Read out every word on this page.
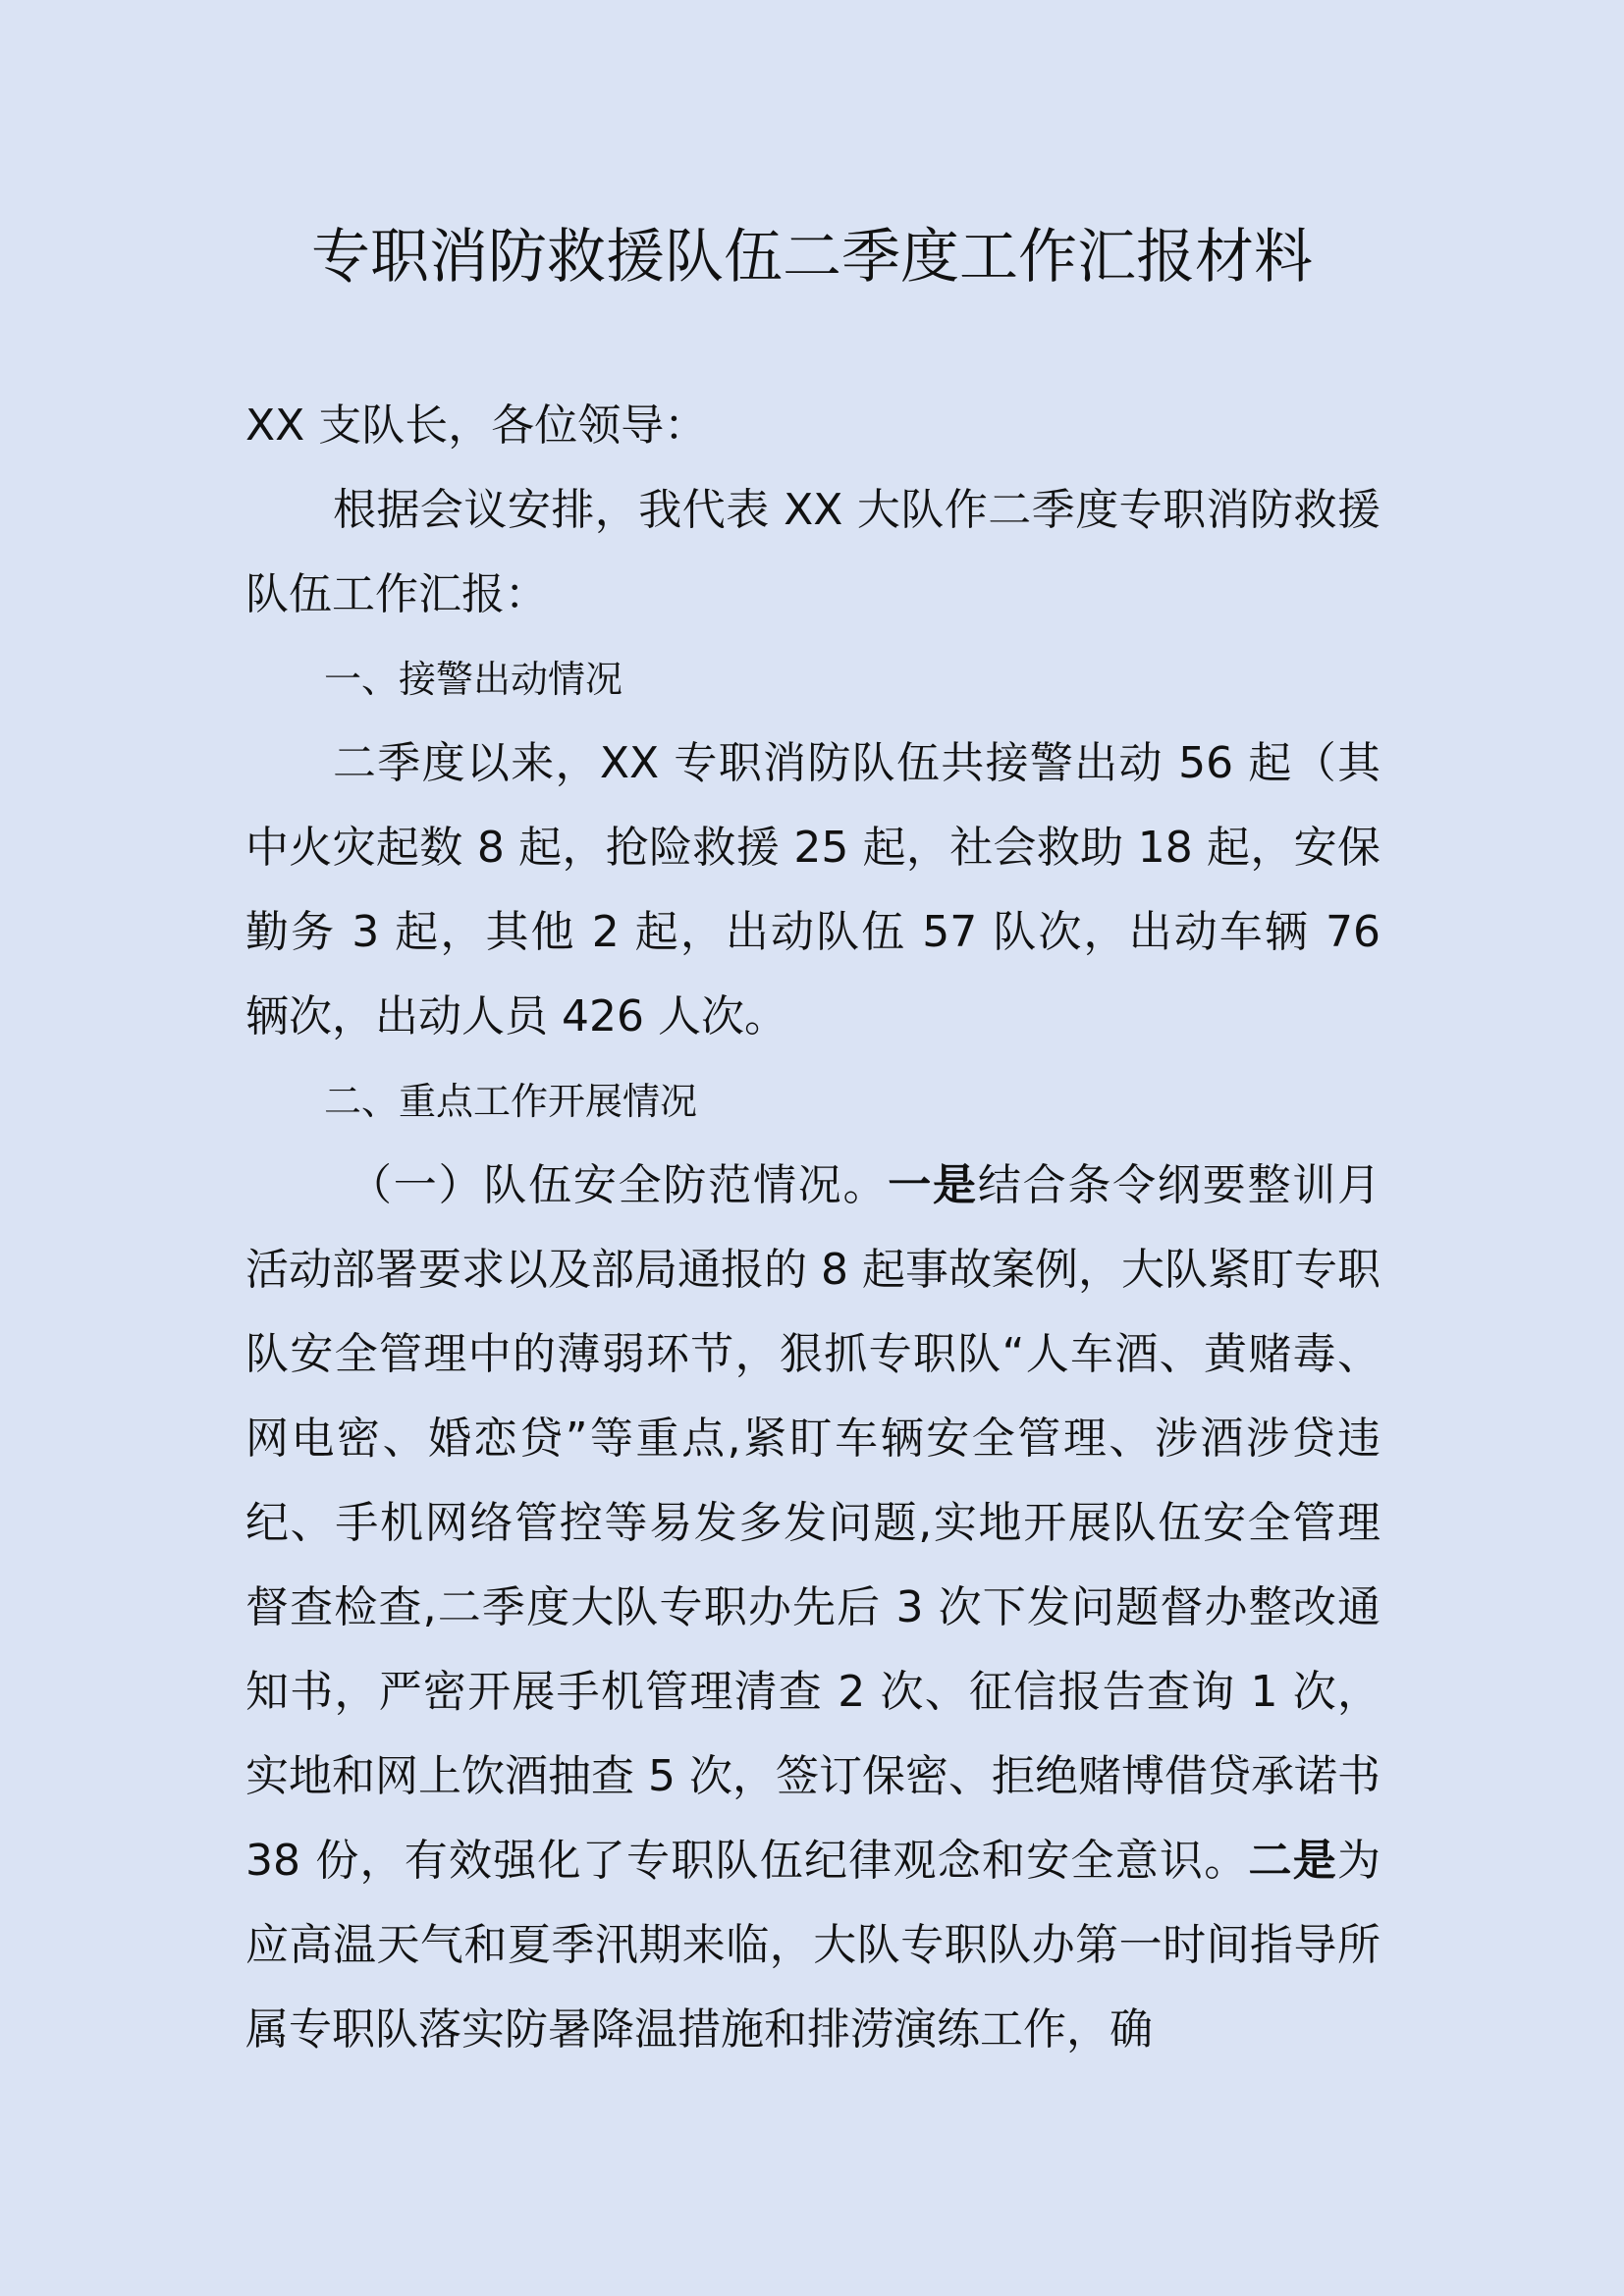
专职消防救援队伍二季度工作汇报材料

XX 支队长，各位领导：

根据会议安排，我代表 XX 大队作二季度专职消防救援队伍工作汇报：

一、接警出动情况

二季度以来，XX 专职消防队伍共接警出动 56 起（其中火灾起数 8 起，抢险救援 25 起，社会救助 18 起，安保勤务 3 起，其他 2 起，出动队伍 57 队次，出动车辆 76 辆次，出动人员 426 人次。

二、重点工作开展情况

（一）队伍安全防范情况。一是结合条令纲要整训月活动部署要求以及部局通报的 8 起事故案例，大队紧盯专职队安全管理中的薄弱环节，狠抓专职队“人车酒、黄赌毒、网电密、婚恋贷”等重点,紧盯车辆安全管理、涉酒涉贷违纪、手机网络管控等易发多发问题,实地开展队伍安全管理督查检查,二季度大队专职办先后 3 次下发问题督办整改通知书，严密开展手机管理清查 2 次、征信报告查询 1 次，实地和网上饮酒抽查 5 次，签订保密、拒绝赌博借贷承诺书 38 份，有效强化了专职队伍纪律观念和安全意识。二是为应高温天气和夏季汛期来临，大队专职队办第一时间指导所属专职队落实防暑降温措施和排涝演练工作，确
